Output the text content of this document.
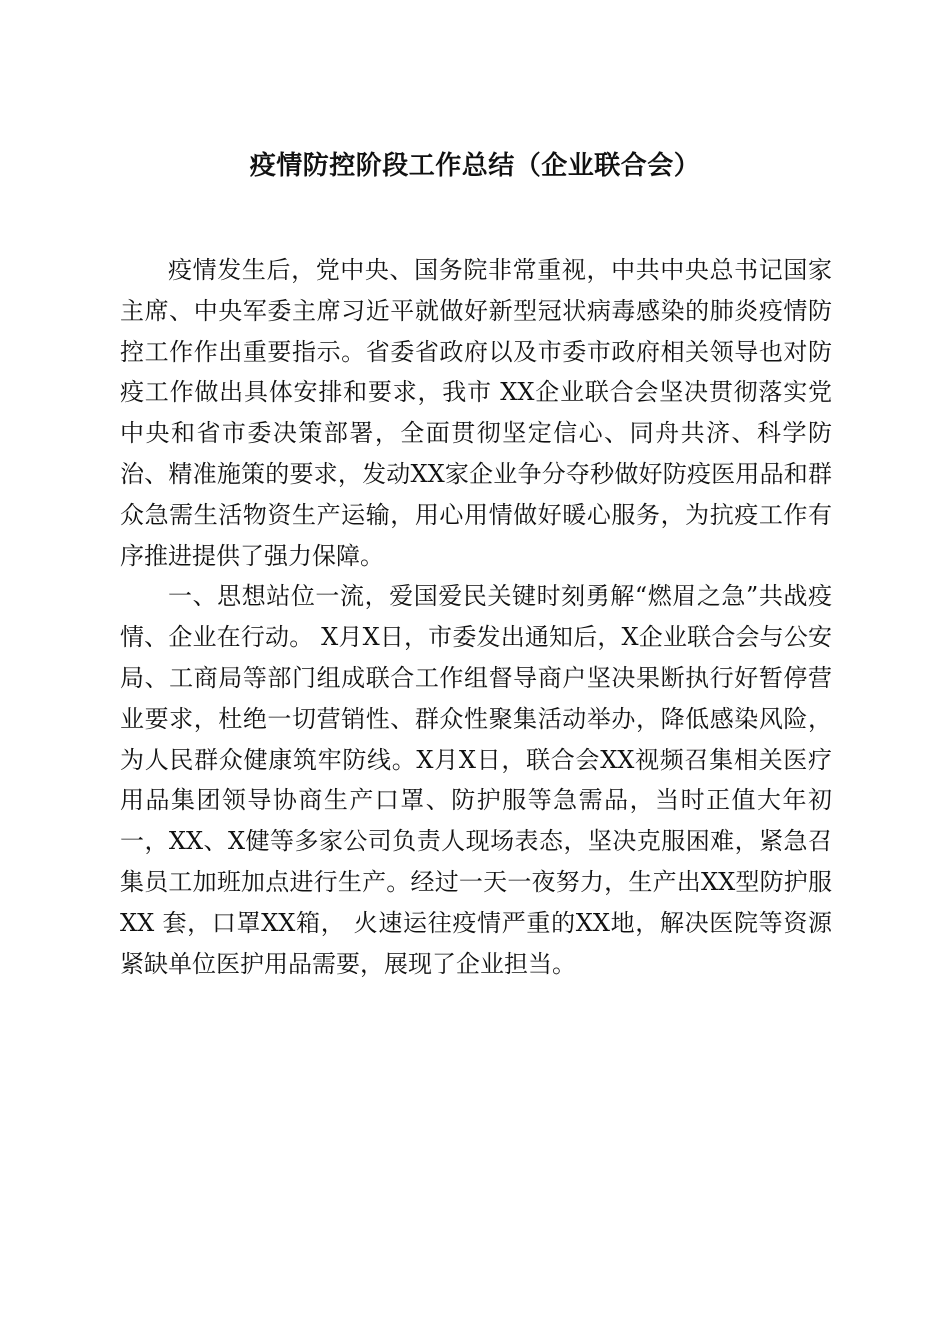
疫情防控阶段工作总结（企业联合会）

疫情发生后，党中央、国务院非常重视，中共中央总书记国家主席、中央军委主席习近平就做好新型冠状病毒感染的肺炎疫情防控工作作出重要指示。省委省政府以及市委市政府相关领导也对防疫工作做出具体安排和要求，我市 XX企业联合会坚决贯彻落实党中央和省市委决策部署，全面贯彻坚定信心、同舟共济、科学防治、精准施策的要求，发动XX家企业争分夺秒做好防疫医用品和群众急需生活物资生产运输，用心用情做好暖心服务，为抗疫工作有序推进提供了强力保障。

一、思想站位一流，爱国爱民关键时刻勇解“燃眉之急”共战疫情、企业在行动。 X月X日，市委发出通知后，X企业联合会与公安局、工商局等部门组成联合工作组督导商户坚决果断执行好暂停营业要求，杜绝一切营销性、群众性聚集活动举办，降低感染风险，为人民群众健康筑牢防线。X月X日，联合会XX视频召集相关医疗用品集团领导协商生产口罩、防护服等急需品，当时正值大年初一，XX、X健等多家公司负责人现场表态，坚决克服困难，紧急召集员工加班加点进行生产。经过一天一夜努力，生产出XX型防护服XX 套，口罩XX箱， 火速运往疫情严重的XX地，解决医院等资源紧缺单位医护用品需要，展现了企业担当。
